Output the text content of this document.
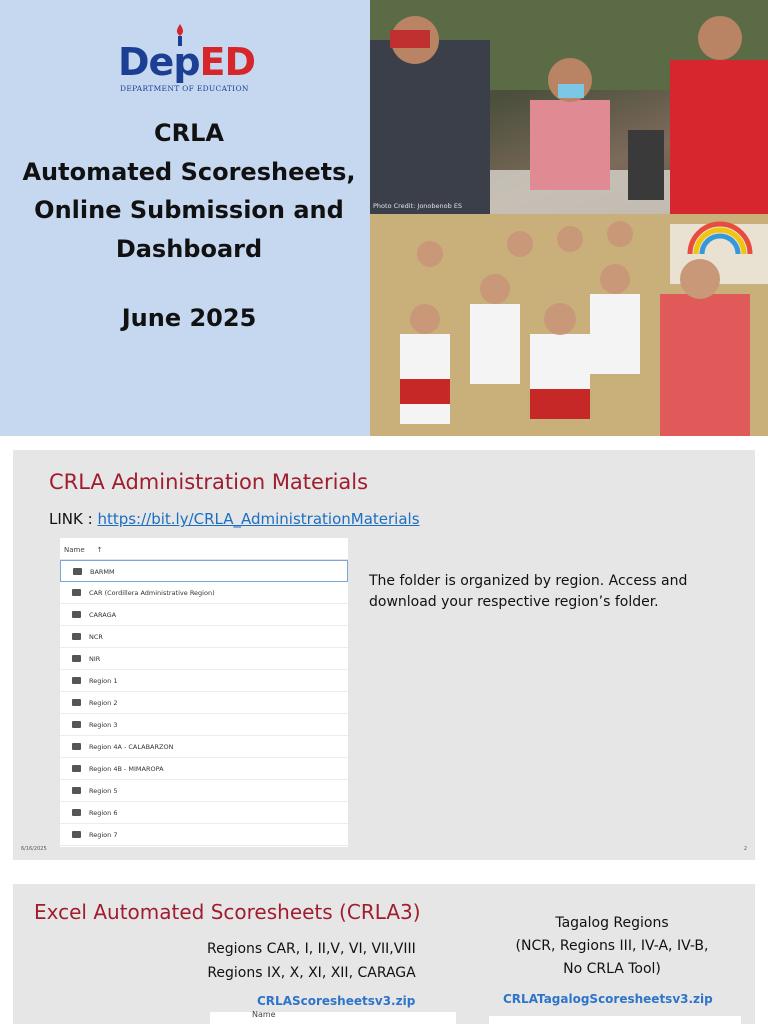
DepED
DEPARTMENT OF EDUCATION
CRLA
Automated Scoresheets,
Online Submission and
Dashboard
June 2025
Photo Credit: Jonobenob ES
CRLA Administration Materials
LINK : https://bit.ly/CRLA_AdministrationMaterials
Name ↑
BARMM
CAR (Cordillera Administrative Region)
CARAGA
NCR
NIR
Region 1
Region 2
Region 3
Region 4A - CALABARZON
Region 4B - MIMAROPA
Region 5
Region 6
Region 7
The folder is organized by region. Access and download your respective region’s folder.
6/16/2025	2
Excel Automated Scoresheets (CRLA3)
Regions CAR, I, II,V, VI, VII,VIII
Regions IX, X, XI, XII, CARAGA
CRLAScoresheetsv3.zip
Tagalog Regions
(NCR, Regions III, IV-A, IV-B,
No CRLA Tool)
CRLATagalogScoresheetsv3.zip
Name
